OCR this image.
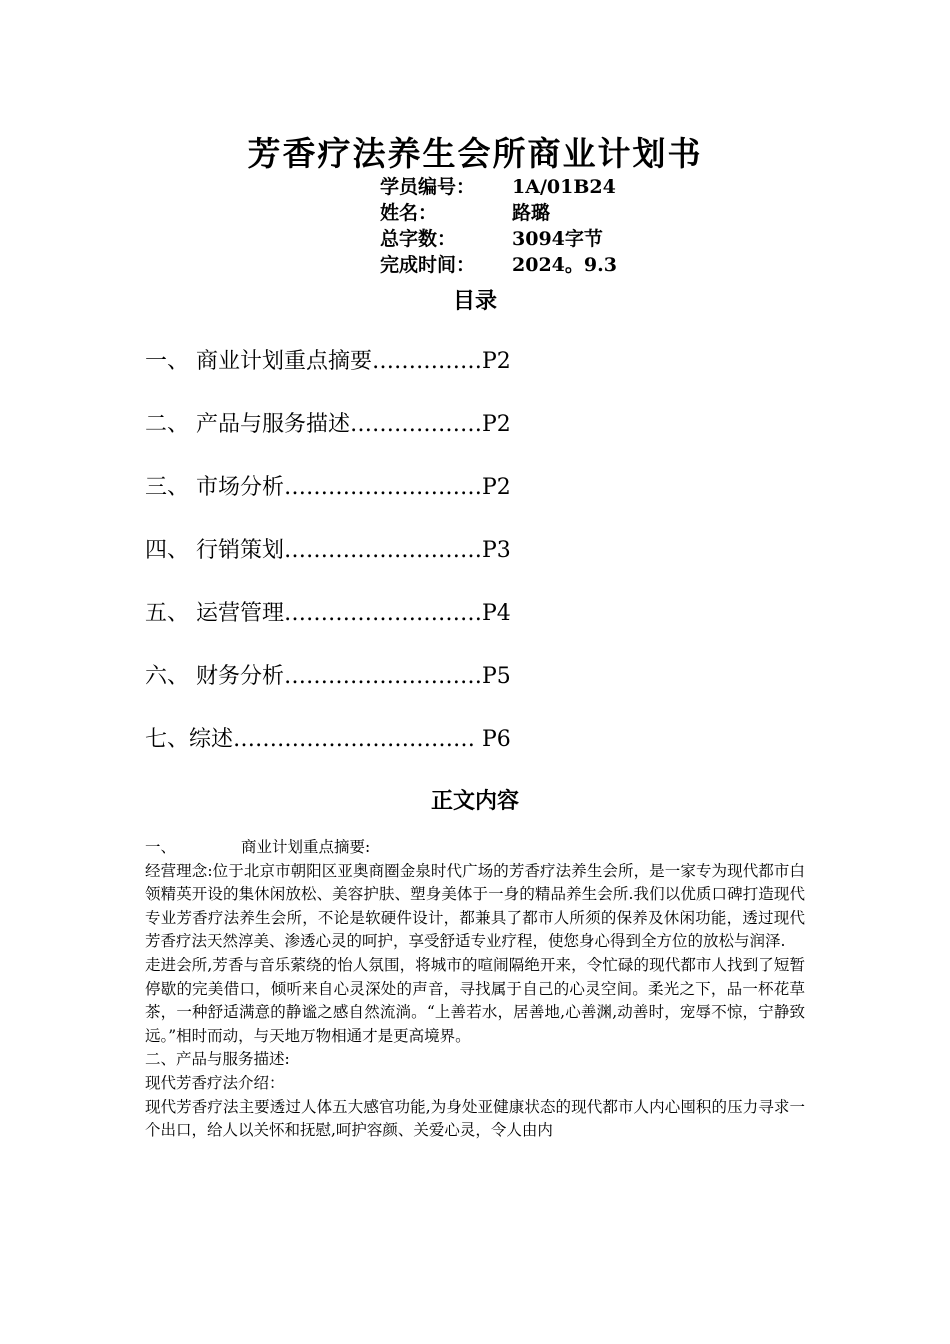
芳香疗法养生会所商业计划书
学员编号： 1A/01B24
姓名：	路璐
总字数：	3094字节
完成时间： 2024。9.3
目录
一、 商业计划重点摘要……………P2
二、 产品与服务描述………………P2
三、 市场分析………………………P2
四、 行销策划………………………P3
五、 运营管理………………………P4
六、 财务分析………………………P5
七、综述…………………………… P6
正文内容

一、	商业计划重点摘要:

经营理念:位于北京市朝阳区亚奥商圈金泉时代广场的芳香疗法养生会所，是一家专为现代都市白领精英开设的集休闲放松、美容护肤、塑身美体于一身的精品养生会所.我们以优质口碑打造现代专业芳香疗法养生会所，不论是软硬件设计，都兼具了都市人所须的保养及休闲功能，透过现代芳香疗法天然淳美、渗透心灵的呵护，享受舒适专业疗程，使您身心得到全方位的放松与润泽.

走进会所,芳香与音乐萦绕的怡人氛围，将城市的喧闹隔绝开来，令忙碌的现代都市人找到了短暂停歇的完美借口，倾听来自心灵深处的声音，寻找属于自己的心灵空间。柔光之下，品一杯花草茶，一种舒适满意的静谧之感自然流淌。“上善若水，居善地,心善渊,动善时，宠辱不惊，宁静致远。”相时而动，与天地万物相通才是更高境界。

二、产品与服务描述:

现代芳香疗法介绍：

现代芳香疗法主要透过人体五大感官功能,为身处亚健康状态的现代都市人内心囤积的压力寻求一个出口，给人以关怀和抚慰,呵护容颜、关爱心灵，令人由内
